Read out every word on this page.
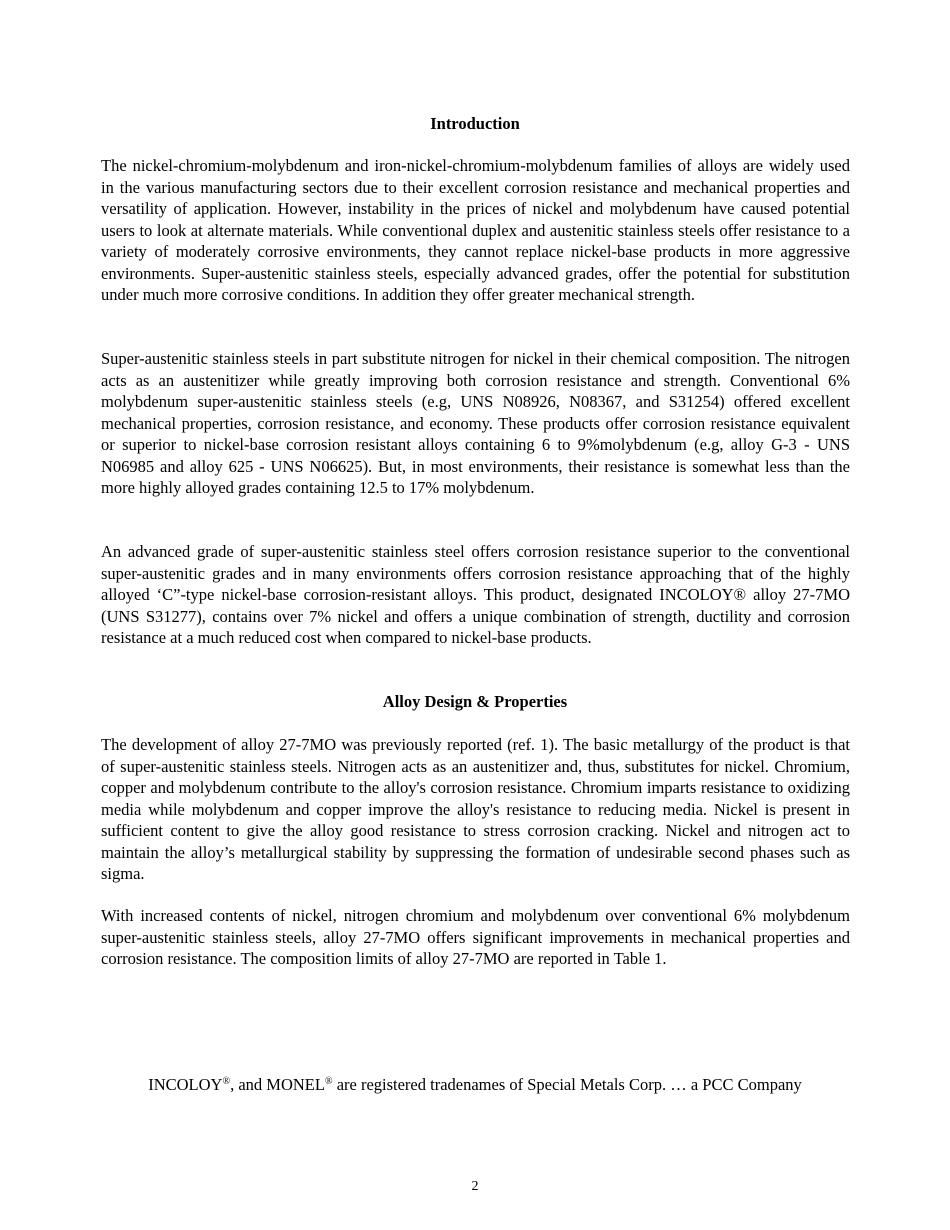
Introduction

The nickel-chromium-molybdenum and iron-nickel-chromium-molybdenum families of alloys are widely used in the various manufacturing sectors due to their excellent corrosion resistance and mechanical properties and versatility of application. However, instability in the prices of nickel and molybdenum have caused potential users to look at alternate materials. While conventional duplex and austenitic stainless steels offer resistance to a variety of moderately corrosive environments, they cannot replace nickel-base products in more aggressive environments. Super-austenitic stainless steels, especially advanced grades, offer the potential for substitution under much more corrosive conditions. In addition they offer greater mechanical strength.

Super-austenitic stainless steels in part substitute nitrogen for nickel in their chemical composition. The nitrogen acts as an austenitizer while greatly improving both corrosion resistance and strength. Conventional 6% molybdenum super-austenitic stainless steels (e.g, UNS N08926, N08367, and S31254) offered excellent mechanical properties, corrosion resistance, and economy. These products offer corrosion resistance equivalent or superior to nickel-base corrosion resistant alloys containing 6 to 9%molybdenum (e.g, alloy G-3 - UNS N06985 and alloy 625 - UNS N06625). But, in most environments, their resistance is somewhat less than the more highly alloyed grades containing 12.5 to 17% molybdenum.

An advanced grade of super-austenitic stainless steel offers corrosion resistance superior to the conventional super-austenitic grades and in many environments offers corrosion resistance approaching that of the highly alloyed ‘C”-type nickel-base corrosion-resistant alloys. This product, designated INCOLOY® alloy 27-7MO (UNS S31277), contains over 7% nickel and offers a unique combination of strength, ductility and corrosion resistance at a much reduced cost when compared to nickel-base products.

Alloy Design & Properties

The development of alloy 27-7MO was previously reported (ref. 1). The basic metallurgy of the product is that of super-austenitic stainless steels. Nitrogen acts as an austenitizer and, thus, substitutes for nickel. Chromium, copper and molybdenum contribute to the alloy's corrosion resistance. Chromium imparts resistance to oxidizing media while molybdenum and copper improve the alloy's resistance to reducing media. Nickel is present in sufficient content to give the alloy good resistance to stress corrosion cracking. Nickel and nitrogen act to maintain the alloy’s metallurgical stability by suppressing the formation of undesirable second phases such as sigma.

With increased contents of nickel, nitrogen chromium and molybdenum over conventional 6% molybdenum super-austenitic stainless steels, alloy 27-7MO offers significant improvements in mechanical properties and corrosion resistance. The composition limits of alloy 27-7MO are reported in Table 1.

INCOLOY®, and MONEL® are registered tradenames of Special Metals Corp. … a PCC Company

2
